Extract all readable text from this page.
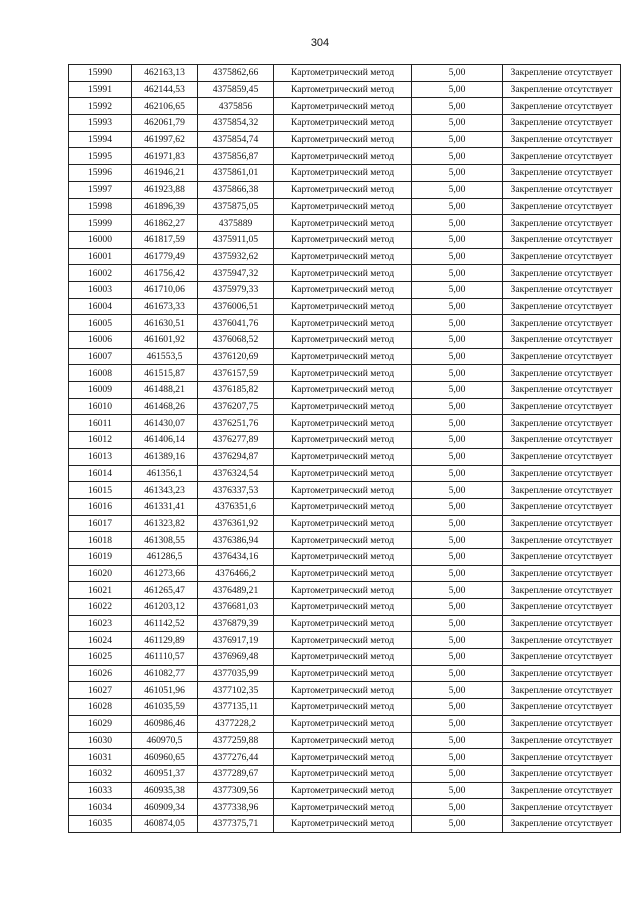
304
15990	462163,13	4375862,66	Картометрический метод	5,00	Закрепление отсутствует
15991	462144,53	4375859,45	Картометрический метод	5,00	Закрепление отсутствует
15992	462106,65	4375856	Картометрический метод	5,00	Закрепление отсутствует
15993	462061,79	4375854,32	Картометрический метод	5,00	Закрепление отсутствует
15994	461997,62	4375854,74	Картометрический метод	5,00	Закрепление отсутствует
15995	461971,83	4375856,87	Картометрический метод	5,00	Закрепление отсутствует
15996	461946,21	4375861,01	Картометрический метод	5,00	Закрепление отсутствует
15997	461923,88	4375866,38	Картометрический метод	5,00	Закрепление отсутствует
15998	461896,39	4375875,05	Картометрический метод	5,00	Закрепление отсутствует
15999	461862,27	4375889	Картометрический метод	5,00	Закрепление отсутствует
16000	461817,59	4375911,05	Картометрический метод	5,00	Закрепление отсутствует
16001	461779,49	4375932,62	Картометрический метод	5,00	Закрепление отсутствует
16002	461756,42	4375947,32	Картометрический метод	5,00	Закрепление отсутствует
16003	461710,06	4375979,33	Картометрический метод	5,00	Закрепление отсутствует
16004	461673,33	4376006,51	Картометрический метод	5,00	Закрепление отсутствует
16005	461630,51	4376041,76	Картометрический метод	5,00	Закрепление отсутствует
16006	461601,92	4376068,52	Картометрический метод	5,00	Закрепление отсутствует
16007	461553,5	4376120,69	Картометрический метод	5,00	Закрепление отсутствует
16008	461515,87	4376157,59	Картометрический метод	5,00	Закрепление отсутствует
16009	461488,21	4376185,82	Картометрический метод	5,00	Закрепление отсутствует
16010	461468,26	4376207,75	Картометрический метод	5,00	Закрепление отсутствует
16011	461430,07	4376251,76	Картометрический метод	5,00	Закрепление отсутствует
16012	461406,14	4376277,89	Картометрический метод	5,00	Закрепление отсутствует
16013	461389,16	4376294,87	Картометрический метод	5,00	Закрепление отсутствует
16014	461356,1	4376324,54	Картометрический метод	5,00	Закрепление отсутствует
16015	461343,23	4376337,53	Картометрический метод	5,00	Закрепление отсутствует
16016	461331,41	4376351,6	Картометрический метод	5,00	Закрепление отсутствует
16017	461323,82	4376361,92	Картометрический метод	5,00	Закрепление отсутствует
16018	461308,55	4376386,94	Картометрический метод	5,00	Закрепление отсутствует
16019	461286,5	4376434,16	Картометрический метод	5,00	Закрепление отсутствует
16020	461273,66	4376466,2	Картометрический метод	5,00	Закрепление отсутствует
16021	461265,47	4376489,21	Картометрический метод	5,00	Закрепление отсутствует
16022	461203,12	4376681,03	Картометрический метод	5,00	Закрепление отсутствует
16023	461142,52	4376879,39	Картометрический метод	5,00	Закрепление отсутствует
16024	461129,89	4376917,19	Картометрический метод	5,00	Закрепление отсутствует
16025	461110,57	4376969,48	Картометрический метод	5,00	Закрепление отсутствует
16026	461082,77	4377035,99	Картометрический метод	5,00	Закрепление отсутствует
16027	461051,96	4377102,35	Картометрический метод	5,00	Закрепление отсутствует
16028	461035,59	4377135,11	Картометрический метод	5,00	Закрепление отсутствует
16029	460986,46	4377228,2	Картометрический метод	5,00	Закрепление отсутствует
16030	460970,5	4377259,88	Картометрический метод	5,00	Закрепление отсутствует
16031	460960,65	4377276,44	Картометрический метод	5,00	Закрепление отсутствует
16032	460951,37	4377289,67	Картометрический метод	5,00	Закрепление отсутствует
16033	460935,38	4377309,56	Картометрический метод	5,00	Закрепление отсутствует
16034	460909,34	4377338,96	Картометрический метод	5,00	Закрепление отсутствует
16035	460874,05	4377375,71	Картометрический метод	5,00	Закрепление отсутствует
